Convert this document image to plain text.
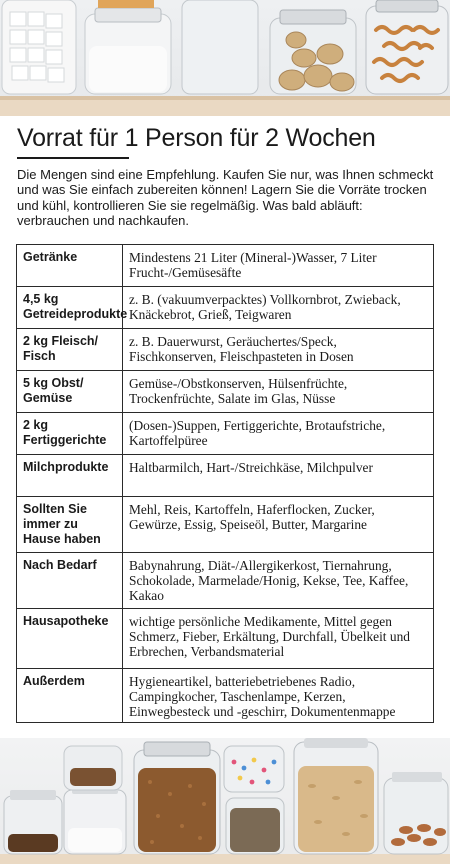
Vorrat für 1 Person für 2 Wochen

Die Mengen sind eine Empfehlung. Kaufen Sie nur, was Ihnen schmeckt und was Sie einfach zubereiten können! Lagern Sie die Vorräte trocken und kühl, kontrollieren Sie sie regelmäßig. Was bald abläuft: verbrauchen und nachkaufen.

Getränke	Mindestens 21 Liter (Mineral-)Wasser, 7 Liter Frucht-/Gemüsesäfte

4,5 kg Getreideprodukte	z. B. (vakuumverpacktes) Vollkornbrot, Zwieback, Knäckebrot, Grieß, Teigwaren

2 kg Fleisch/ Fisch	z. B. Dauerwurst, Geräuchertes/Speck, Fischkonserven, Fleischpasteten in Dosen

5 kg Obst/ Gemüse	Gemüse-/Obstkonserven, Hülsenfrüchte, Trockenfrüchte, Salate im Glas, Nüsse

2 kg Fertiggerichte	(Dosen-)Suppen, Fertiggerichte, Brotaufstriche, Kartoffelpüree

Milchprodukte	Haltbarmilch, Hart-/Streichkäse, Milchpulver

Sollten Sie immer zu Hause haben	Mehl, Reis, Kartoffeln, Haferflocken, Zucker, Gewürze, Essig, Speiseöl, Butter, Margarine

Nach Bedarf	Babynahrung, Diät-/Allergikerkost, Tiernahrung, Schokolade, Marmelade/Honig, Kekse, Tee, Kaffee, Kakao

Hausapotheke	wichtige persönliche Medikamente, Mittel gegen Schmerz, Fieber, Erkältung, Durchfall, Übelkeit und Erbrechen, Verbandsmaterial

Außerdem	Hygieneartikel, batteriebetriebenes Radio, Campingkocher, Taschenlampe, Kerzen, Einwegbesteck und -geschirr, Dokumentenmappe
